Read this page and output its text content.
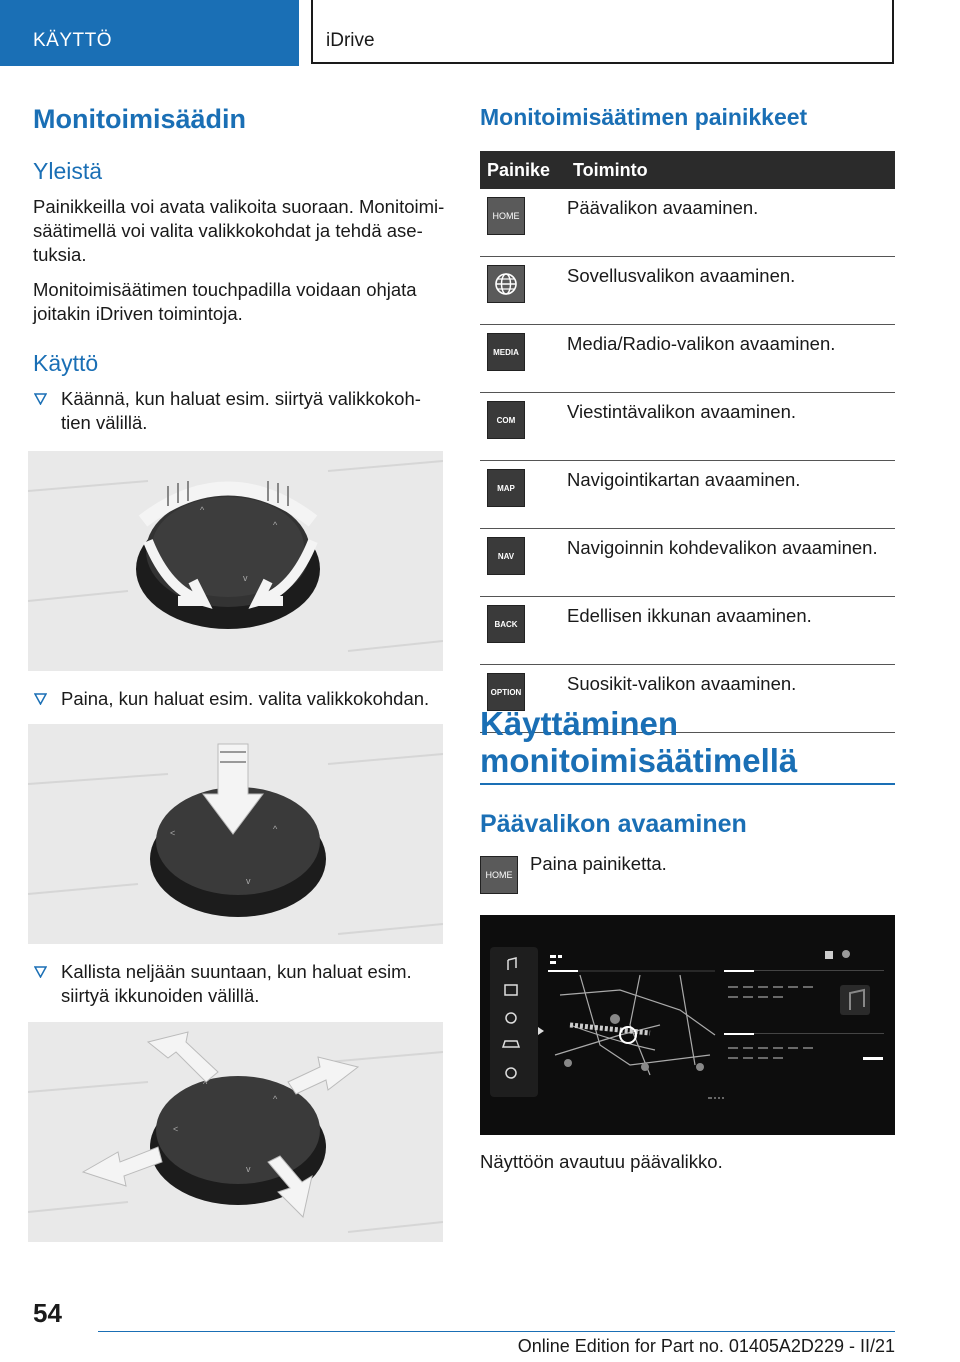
KÄYTTÖ	iDrive
Monitoimisäädin
Yleistä
Painikkeilla voi avata valikoita suoraan. Monitoimi-
säätimellä voi valita valikkokohdat ja tehdä ase-
tuksia.
Monitoimisäätimen touchpadilla voidaan ohjata
joitakin iDriven toimintoja.
Käyttö
Käännä, kun haluat esim. siirtyä valikkokoh-
tien välillä.
^
^
v
Paina, kun haluat esim. valita valikkokohdan.
<	^
v
Kallista neljään suuntaan, kun haluat esim.
siirtyä ikkunoiden välillä.
^
^
<
v
Monitoimisäätimen painikkeet
Painike	Toiminto

HOME	Päävalikon avaaminen.

	Sovellusvalikon avaaminen.

MEDIA	Media/Radio-valikon avaaminen.

COM	Viestintävalikon avaaminen.

MAP	Navigointikartan avaaminen.

NAV	Navigoinnin kohdevalikon avaaminen.

BACK	Edellisen ikkunan avaaminen.

OPTION	Suosikit-valikon avaaminen.
Käyttäminen
monitoimisäätimellä
Päävalikon avaaminen
HOME
Paina painiketta.
Näyttöön avautuu päävalikko.
54
Online Edition for Part no. 01405A2D229 - II/21
